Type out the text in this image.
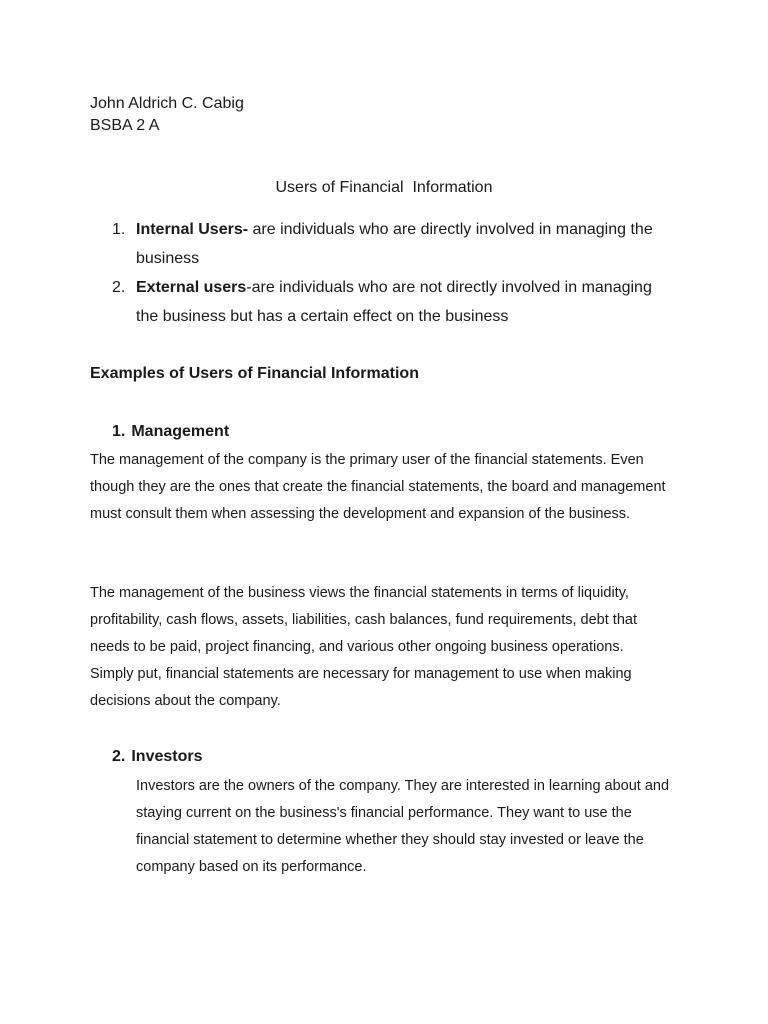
John Aldrich C. Cabig
BSBA 2 A
Users of Financial  Information
1. Internal Users- are individuals who are directly involved in managing the business
2. External users-are individuals who are not directly involved in managing the business but has a certain effect on the business
Examples of Users of Financial Information
1. Management

The management of the company is the primary user of the financial statements. Even though they are the ones that create the financial statements, the board and management must consult them when assessing the development and expansion of the business.

The management of the business views the financial statements in terms of liquidity, profitability, cash flows, assets, liabilities, cash balances, fund requirements, debt that needs to be paid, project financing, and various other ongoing business operations. Simply put, financial statements are necessary for management to use when making decisions about the company.

2. Investors

Investors are the owners of the company. They are interested in learning about and staying current on the business's financial performance. They want to use the financial statement to determine whether they should stay invested or leave the company based on its performance.
